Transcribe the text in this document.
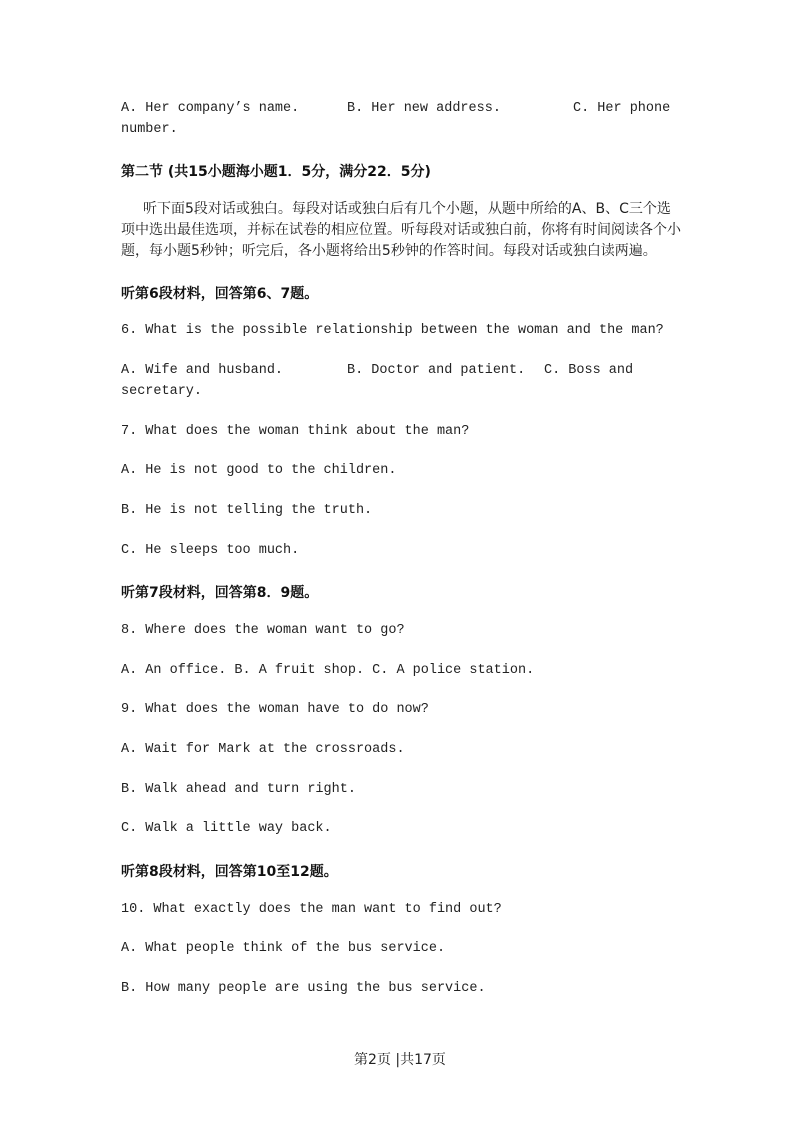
A. Her company’s name.	B. Her new address.	C. Her phone
number.
第二节 (共15小题海小题1．5分，满分22．5分)
听下面5段对话或独白。每段对话或独白后有几个小题，从题中所给的A、B、C三个选项中选出最佳选项，并标在试卷的相应位置。听每段对话或独白前，你将有时间阅读各个小题，每小题5秒钟；听完后，各小题将给出5秒钟的作答时间。每段对话或独白读两遍。
听第6段材料，回答第6、7题。
6. What is the possible relationship between the woman and the man?
A. Wife and husband.	B. Doctor and patient. C. Boss and
secretary.
7. What does the woman think about the man?
A. He is not good to the children.
B. He is not telling the truth.
C. He sleeps too much.
听第7段材料，回答第8．9题。
8. Where does the woman want to go?
A. An office. B. A fruit shop. C. A police station.
9. What does the woman have to do now?
A. Wait for Mark at the crossroads.
B. Walk ahead and turn right.
C. Walk a little way back.
听第8段材料，回答第10至12题。
10. What exactly does the man want to find out?
A. What people think of the bus service.
B. How many people are using the bus service.
第2页 |共17页
